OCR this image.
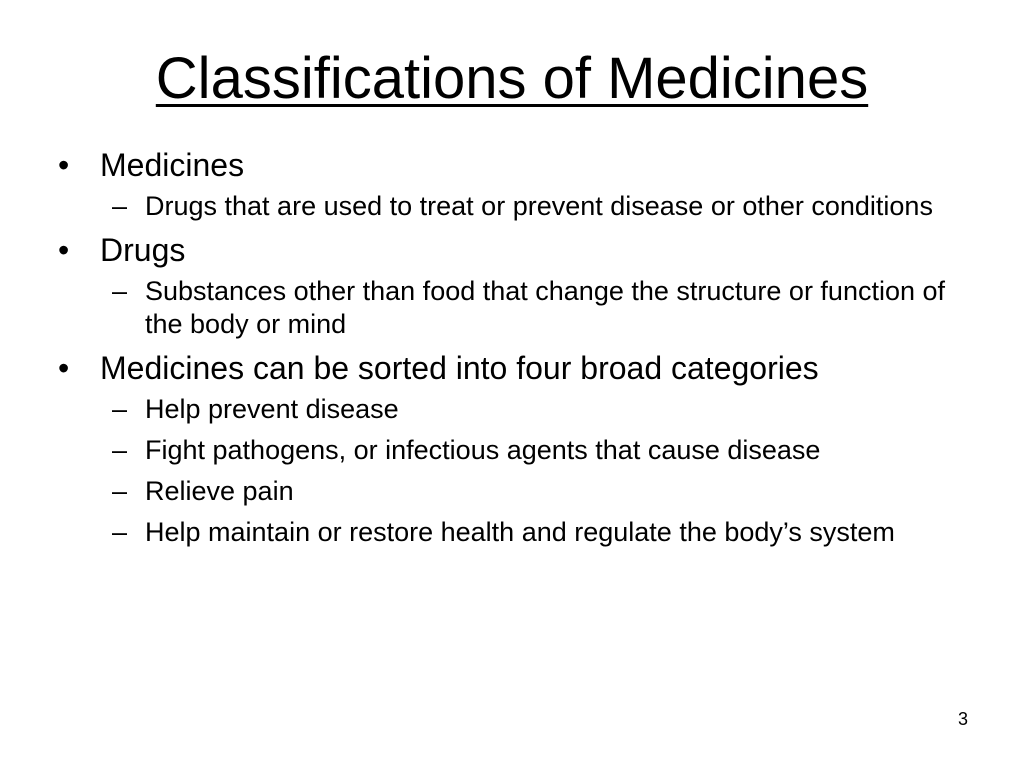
Classifications of Medicines
• Medicines
– Drugs that are used to treat or prevent disease or other conditions
• Drugs
– Substances other than food that change the structure or function of the body or mind
• Medicines can be sorted into four broad categories
– Help prevent disease
– Fight pathogens, or infectious agents that cause disease
– Relieve pain
– Help maintain or restore health and regulate the body’s system
3
